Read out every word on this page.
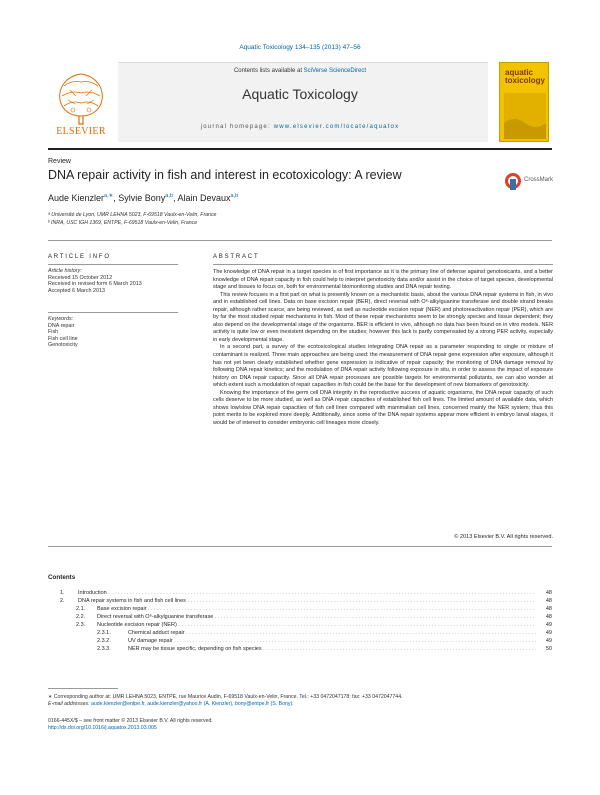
Aquatic Toxicology 134–135 (2013) 47–56
Contents lists available at SciVerse ScienceDirect
Aquatic Toxicology
journal homepage: www.elsevier.com/locate/aquatox
ELSEVIER
aquatic
toxicology
Review
DNA repair activity in fish and interest in ecotoxicology: A review	CrossMark
Aude Kienzler$^{a,∗}$, Sylvie Bony$^{a,b}$, Alain Devaux$^{a,b}$
ᵃ Université de Lyon, UMR LEHNA 5023, F-69518 Vaulx-en-Velin, France
ᵇ INRA, USC IGH 1369, ENTPE, F-69518 Vaulx-en-Velin, France
ARTICLE INFO
Article history:
Received 15 October 2012
Received in revised form 6 March 2013
Accepted 6 March 2013
Keywords:
DNA repair
Fish
Fish cell line
Genotoxicity
ABSTRACT

The knowledge of DNA repair in a target species is of first importance as it is the primary line of defense against genotoxicants, and a better knowledge of DNA repair capacity in fish could help to interpret genotoxicity data and/or assist in the choice of target species, developmental stage and tissues to focus on, both for environmental biomonitoring studies and DNA repair testing.

This review focuses in a first part on what is presently known on a mechanistic basis, about the various DNA repair systems in fish, in vivo and in established cell lines. Data on base excision repair (BER), direct reversal with O⁶-alkylguanine transferase and double strand breaks repair, although rather scarce, are being reviewed, as well as nucleotide excision repair (NER) and photoreactivation repair (PER), which are by far the most studied repair mechanisms in fish. Most of these repair mechanisms seem to be strongly species and tissue dependent; they also depend on the developmental stage of the organisms. BER is efficient in vivo, although no data has been found on in vitro models. NER activity is quite low or even inexistent depending on the studies; however this lack is partly compensated by a strong PER activity, especially in early developmental stage.

In a second part, a survey of the ecotoxicological studies integrating DNA repair as a parameter responding to single or mixture of contaminant is realized. Three main approaches are being used: the measurement of DNA repair gene expression after exposure, although it has not yet been clearly established whether gene expression is indicative of repair capacity; the monitoring of DNA damage removal by following DNA repair kinetics; and the modulation of DNA repair activity following exposure in situ, in order to assess the impact of exposure history on DNA repair capacity. Since all DNA repair processes are possible targets for environmental pollutants, we can also wonder at which extent such a modulation of repair capacities in fish could be the base for the development of new biomarkers of genotoxicity.

Knowing the importance of the germ cell DNA integrity in the reproductive success of aquatic organisms, the DNA repair capacity of such cells deserve to be more studied, as well as DNA repair capacities of established fish cell lines. The limited amount of available data, which shows low/slow DNA repair capacities of fish cell lines compared with mammalian cell lines, concerned mainly the NER system; thus this point merits to be explored more deeply. Additionally, since some of the DNA repair systems appear more efficient in embryo larval stages, it would be of interest to consider embryonic cell lineages more closely.

© 2013 Elsevier B.V. All rights reserved.
Contents
1. Introduction . . .	48
2. DNA repair systems in fish and fish cell lines . . .	48
2.1. Base excision repair . . .	48
2.2. Direct reversal with O⁶-alkylguanine transferase . . .	48
2.3. Nucleotide excision repair (NER) . . .	49
2.3.1.	Chemical adduct repair . . .	49
2.3.2.	UV damage repair . . .	49
2.3.3.	NER may be tissue specific, depending on fish species . . .	50
∗ Corresponding author at: UMR LEHNA 5023, ENTPE, rue Maurice Audin, F-69518 Vaulx-en-Velin, France. Tel.: +33 0472047178; fax: +33 0472047744.
E-mail addresses: aude.kienzler@entpe.fr, aude.kienzler@yahoo.fr (A. Kienzler), bony@entpe.fr (S. Bony).
0166-445X/$ – see front matter © 2013 Elsevier B.V. All rights reserved.
http://dx.doi.org/10.1016/j.aquatox.2013.03.005
